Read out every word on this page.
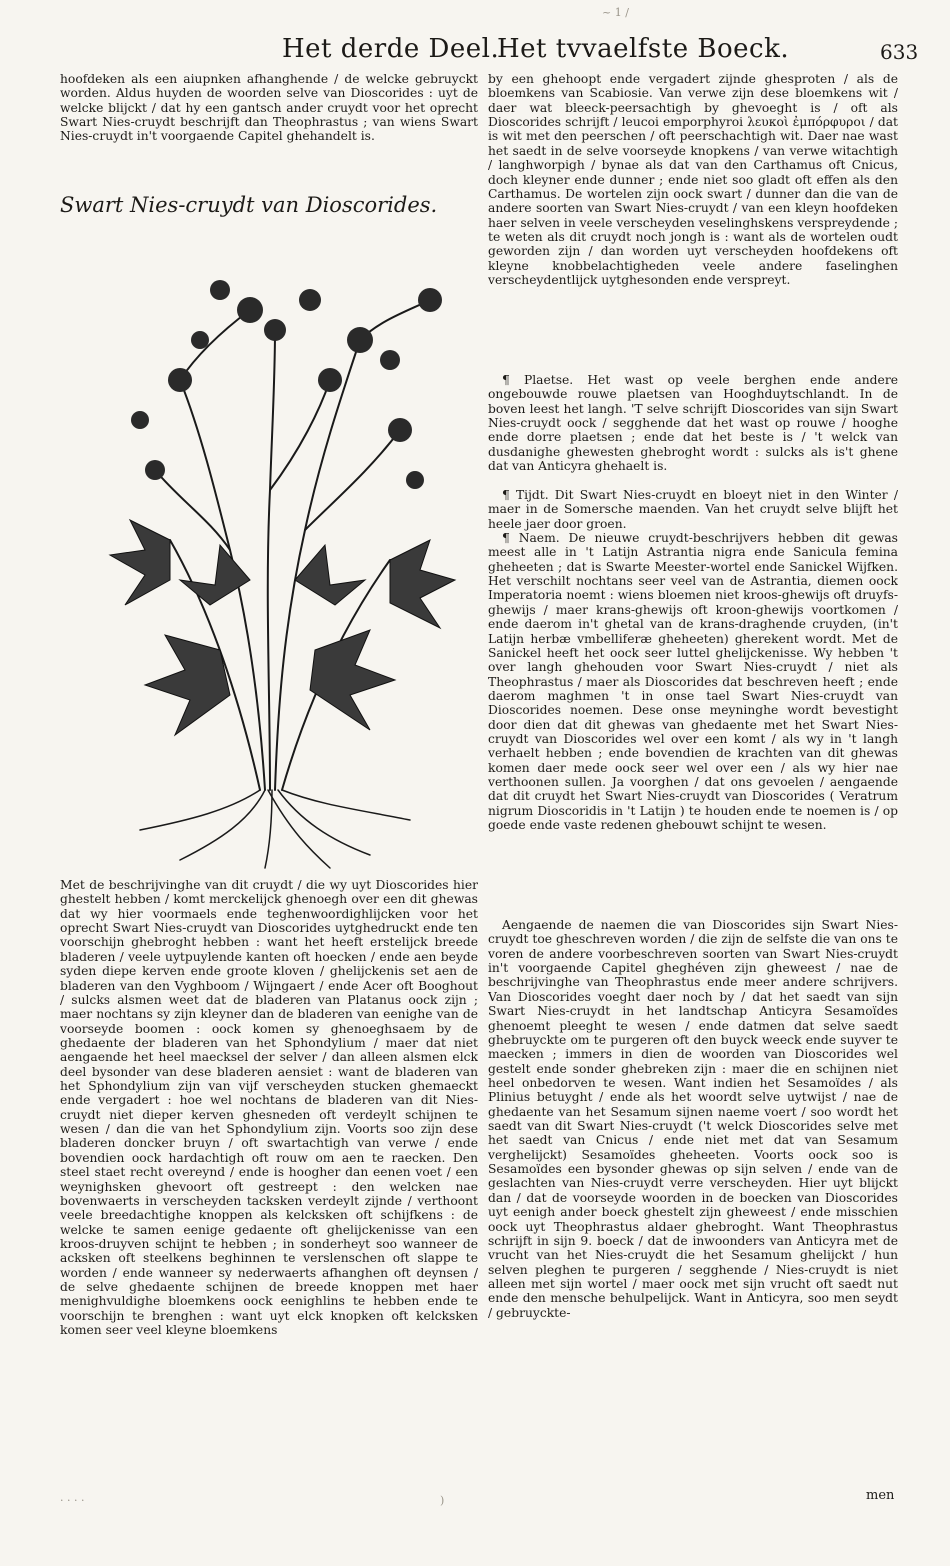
~ 1 /
Het derde Deel.
Het tvvaelfste Boeck.	633

hoofdeken als een aiupnken afhanghende / de welcke gebruyckt worden. Aldus huyden de woorden selve van Dioscorides : uyt de welcke blijckt / dat hy een gantsch ander cruydt voor het oprecht Swart Nies-cruydt beschrijft dan Theophrastus ; van wiens Swart Nies-cruydt in't voorgaende Capitel ghehandelt is.

Swart Nies-cruydt van Dioscorides.

Met de beschrijvinghe van dit cruydt / die wy uyt Dioscorides hier ghestelt hebben / komt merckelijck ghenoegh over een dit ghewas dat wy hier voormaels ende teghenwoordighlijcken voor het oprecht Swart Nies-cruydt van Dioscorides uytghedruckt ende ten voorschijn ghebroght hebben : want het heeft erstelijck breede bladeren / veele uytpuylende kanten oft hoecken / ende aen beyde syden diepe kerven ende groote kloven / ghelijckenis set aen de bladeren van den Vyghboom / Wijngaert / ende Acer oft Booghout / sulcks alsmen weet dat de bladeren van Platanus oock zijn ; maer nochtans sy zijn kleyner dan de bladeren van eenighe van de voorseyde boomen : oock komen sy ghenoeghsaem by de ghedaente der bladeren van het Sphondylium / maer dat niet aengaende het heel maecksel der selver / dan alleen alsmen elck deel bysonder van dese bladeren aensiet : want de bladeren van het Sphondylium zijn van vijf verscheyden stucken ghemaeckt ende vergadert : hoe wel nochtans de bladeren van dit Nies-cruydt niet dieper kerven ghesneden oft verdeylt schijnen te wesen / dan die van het Sphondylium zijn. Voorts soo zijn dese bladeren doncker bruyn / oft swartachtigh van verwe / ende bovendien oock hardachtigh oft rouw om aen te raecken. Den steel staet recht overeynd / ende is hoogher dan eenen voet / een weynighsken ghevoort oft gestreept : den welcken nae bovenwaerts in verscheyden tacksken verdeylt zijnde / verthoont veele breedachtighe knoppen als kelcksken oft schijfkens : de welcke te samen eenige gedaente oft ghelijckenisse van een kroos-druyven schijnt te hebben ; in sonderheyt soo wanneer de acksken oft steelkens beghinnen te verslenschen oft slappe te worden / ende wanneer sy nederwaerts afhanghen oft deynsen / de selve ghedaente schijnen de breede knoppen met haer menighvuldighe bloemkens oock eenighlins te hebben ende te voorschijn te brenghen : want uyt elck knopken oft kelcksken komen seer veel kleyne bloemkens

by een ghehoopt ende vergadert zijnde ghesproten / als de bloemkens van Scabiosie. Van verwe zijn dese bloemkens wit / daer wat bleeck-peersachtigh by ghevoeght is / oft als Dioscorides schrijft / leucoi emporphyroi λευκοὶ ἐμπόρφυροι / dat is wit met den peerschen / oft peerschachtigh wit. Daer nae wast het saedt in de selve voorseyde knopkens / van verwe witachtigh / langhworpigh / bynae als dat van den Carthamus oft Cnicus, doch kleyner ende dunner ; ende niet soo gladt oft effen als den Carthamus. De wortelen zijn oock swart / dunner dan die van de andere soorten van Swart Nies-cruydt / van een kleyn hoofdeken haer selven in veele verscheyden veselinghskens verspreydende ; te weten als dit cruydt noch jongh is : want als de wortelen oudt geworden zijn / dan worden uyt verscheyden hoofdekens oft kleyne knobbelachtigheden veele andere faselinghen verscheydentlijck uytghesonden ende verspreyt.

¶ Plaetse. Het wast op veele berghen ende andere ongebouwde rouwe plaetsen van Hooghduytschlandt. In de boven leest het langh. 'T selve schrijft Dioscorides van sijn Swart Nies-cruydt oock / segghende dat het wast op rouwe / hooghe ende dorre plaetsen ; ende dat het beste is / 't welck van dusdanighe ghewesten ghebroght wordt : sulcks als is't ghene dat van Anticyra ghehaelt is.

¶ Tijdt. Dit Swart Nies-cruydt en bloeyt niet in den Winter / maer in de Somersche maenden. Van het cruydt selve blijft het heele jaer door groen.

¶ Naem. De nieuwe cruydt-beschrijvers hebben dit gewas meest alle in 't Latijn Astrantia nigra ende Sanicula femina gheheeten ; dat is Swarte Meester-wortel ende Sanickel Wijfken. Het verschilt nochtans seer veel van de Astrantia, diemen oock Imperatoria noemt : wiens bloemen niet kroos-ghewijs oft druyfs-ghewijs / maer krans-ghewijs oft kroon-ghewijs voortkomen / ende daerom in't ghetal van de krans-draghende cruyden, (in't Latijn herbæ vmbelliferæ gheheeten) gherekent wordt. Met de Sanickel heeft het oock seer luttel ghelijckenisse. Wy hebben 't over langh ghehouden voor Swart Nies-cruydt / niet als Theophrastus / maer als Dioscorides dat beschreven heeft ; ende daerom maghmen 't in onse tael Swart Nies-cruydt van Dioscorides noemen. Dese onse meyninghe wordt bevestight door dien dat dit ghewas van ghedaente met het Swart Nies-cruydt van Dioscorides wel over een komt / als wy in 't langh verhaelt hebben ; ende bovendien de krachten van dit ghewas komen daer mede oock seer wel over een / als wy hier nae verthoonen sullen. Ja voorghen / dat ons gevoelen / aengaende dat dit cruydt het Swart Nies-cruydt van Dioscorides ( Veratrum nigrum Dioscoridis in 't Latijn ) te houden ende te noemen is / op goede ende vaste redenen ghebouwt schijnt te wesen.

Aengaende de naemen die van Dioscorides sijn Swart Nies-cruydt toe gheschreven worden / die zijn de selfste die van ons te voren de andere voorbeschreven soorten van Swart Nies-cruydt in't voorgaende Capitel gheghéven zijn gheweest / nae de beschrijvinghe van Theophrastus ende meer andere schrijvers. Van Dioscorides voeght daer noch by / dat het saedt van sijn Swart Nies-cruydt in het landtschap Anticyra Sesamoïdes ghenoemt pleeght te wesen / ende datmen dat selve saedt ghebruyckte om te purgeren oft den buyck weeck ende suyver te maecken ; immers in dien de woorden van Dioscorides wel gestelt ende sonder ghebreken zijn : maer die en schijnen niet heel onbedorven te wesen. Want indien het Sesamoïdes / als Plinius betuyght / ende als het woordt selve uytwijst / nae de ghedaente van het Sesamum sijnen naeme voert / soo wordt het saedt van dit Swart Nies-cruydt ('t welck Dioscorides selve met het saedt van Cnicus / ende niet met dat van Sesamum verghelijckt) Sesamoïdes gheheeten. Voorts oock soo is Sesamoïdes een bysonder ghewas op sijn selven / ende van de geslachten van Nies-cruydt verre verscheyden. Hier uyt blijckt dan / dat de voorseyde woorden in de boecken van Dioscorides uyt eenigh ander boeck ghestelt zijn gheweest / ende misschien oock uyt Theophrastus aldaer ghebroght. Want Theophrastus schrijft in sijn 9. boeck / dat de inwoonders van Anticyra met de vrucht van het Nies-cruydt die het Sesamum ghelijckt / hun selven pleghen te purgeren / segghende / Nies-cruydt is niet alleen met sijn wortel / maer oock met sijn vrucht oft saedt nut ende den mensche behulpelijck. Want in Anticyra, soo men seydt / gebruyckte-

men
· · · ·	)
